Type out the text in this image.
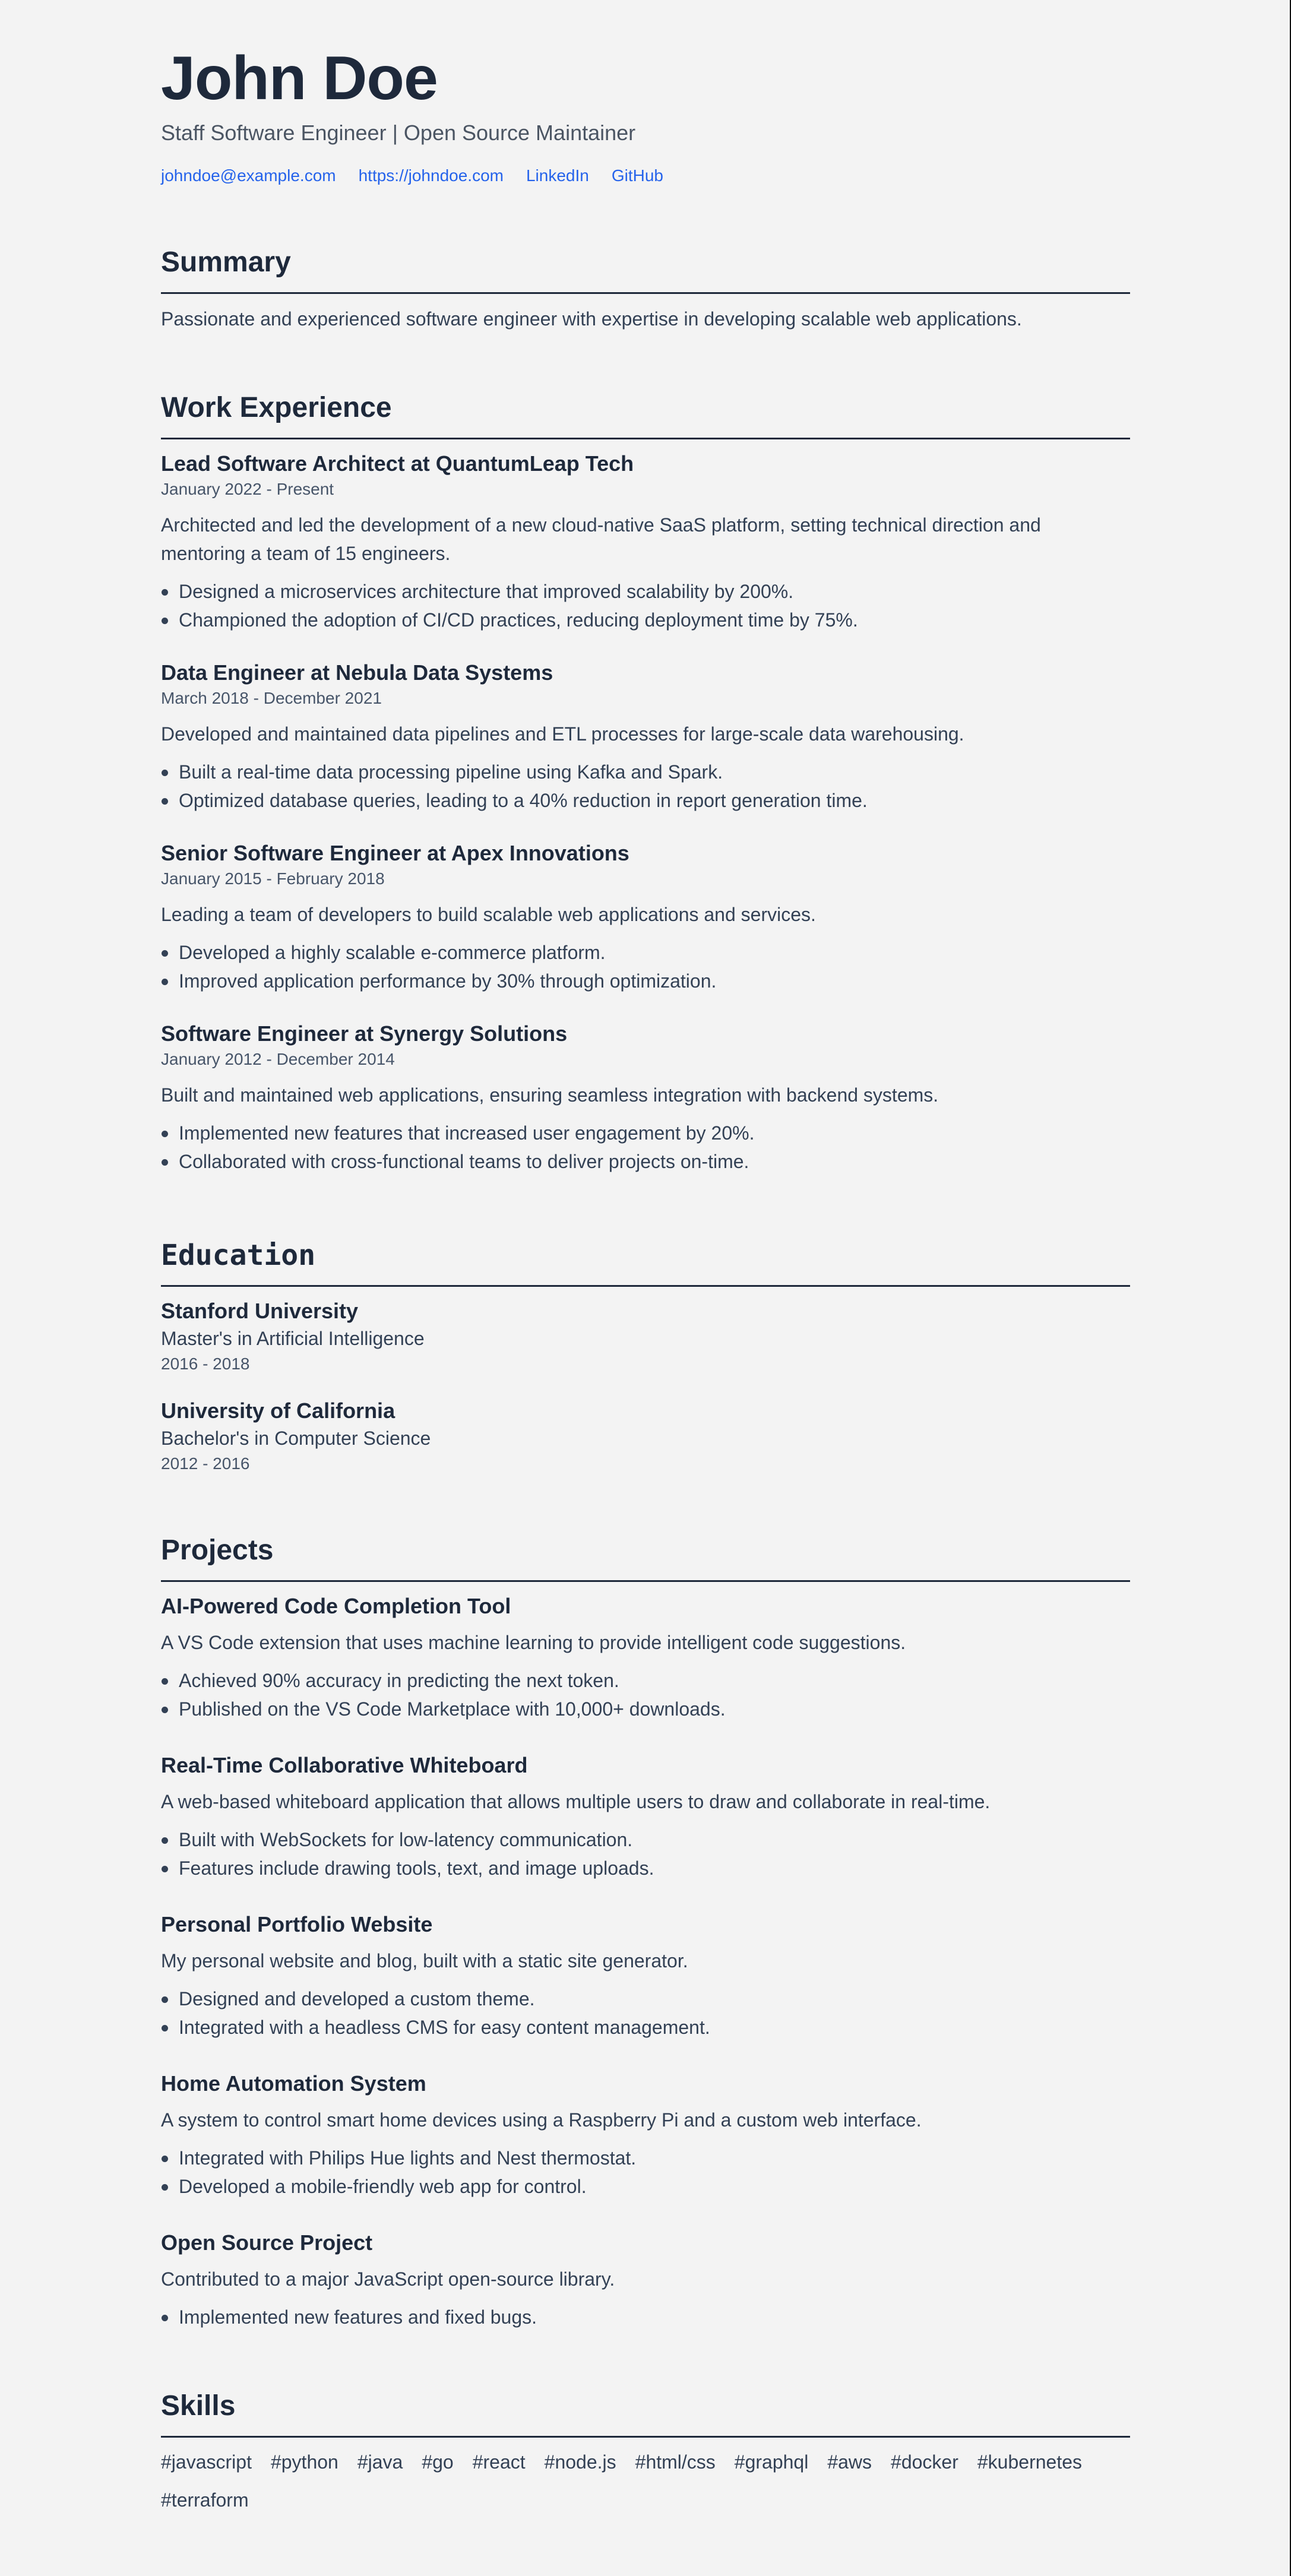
John Doe
Staff Software Engineer | Open Source Maintainer
johndoe@example.com https://johndoe.com LinkedIn GitHub
Summary

Passionate and experienced software engineer with expertise in developing scalable web applications.

Work Experience
Lead Software Architect at QuantumLeap Tech
January 2022 - Present

Architected and led the development of a new cloud-native SaaS platform, setting technical direction and mentoring a team of 15 engineers.

Designed a microservices architecture that improved scalability by 200%.
Championed the adoption of CI/CD practices, reducing deployment time by 75%.
Data Engineer at Nebula Data Systems
March 2018 - December 2021

Developed and maintained data pipelines and ETL processes for large-scale data warehousing.

Built a real-time data processing pipeline using Kafka and Spark.
Optimized database queries, leading to a 40% reduction in report generation time.
Senior Software Engineer at Apex Innovations
January 2015 - February 2018

Leading a team of developers to build scalable web applications and services.

Developed a highly scalable e-commerce platform.
Improved application performance by 30% through optimization.
Software Engineer at Synergy Solutions
January 2012 - December 2014

Built and maintained web applications, ensuring seamless integration with backend systems.

Implemented new features that increased user engagement by 20%.
Collaborated with cross-functional teams to deliver projects on-time.
Education
Stanford University
Master's in Artificial Intelligence
2016 - 2018
University of California
Bachelor's in Computer Science
2012 - 2016
Projects
AI-Powered Code Completion Tool

A VS Code extension that uses machine learning to provide intelligent code suggestions.

Achieved 90% accuracy in predicting the next token.
Published on the VS Code Marketplace with 10,000+ downloads.
Real-Time Collaborative Whiteboard

A web-based whiteboard application that allows multiple users to draw and collaborate in real-time.

Built with WebSockets for low-latency communication.
Features include drawing tools, text, and image uploads.
Personal Portfolio Website

My personal website and blog, built with a static site generator.

Designed and developed a custom theme.
Integrated with a headless CMS for easy content management.
Home Automation System

A system to control smart home devices using a Raspberry Pi and a custom web interface.

Integrated with Philips Hue lights and Nest thermostat.
Developed a mobile-friendly web app for control.
Open Source Project

Contributed to a major JavaScript open-source library.

Implemented new features and fixed bugs.
Skills
#javascript #python #java #go #react #node.js #html/css #graphql #aws #docker #kubernetes
#terraform
